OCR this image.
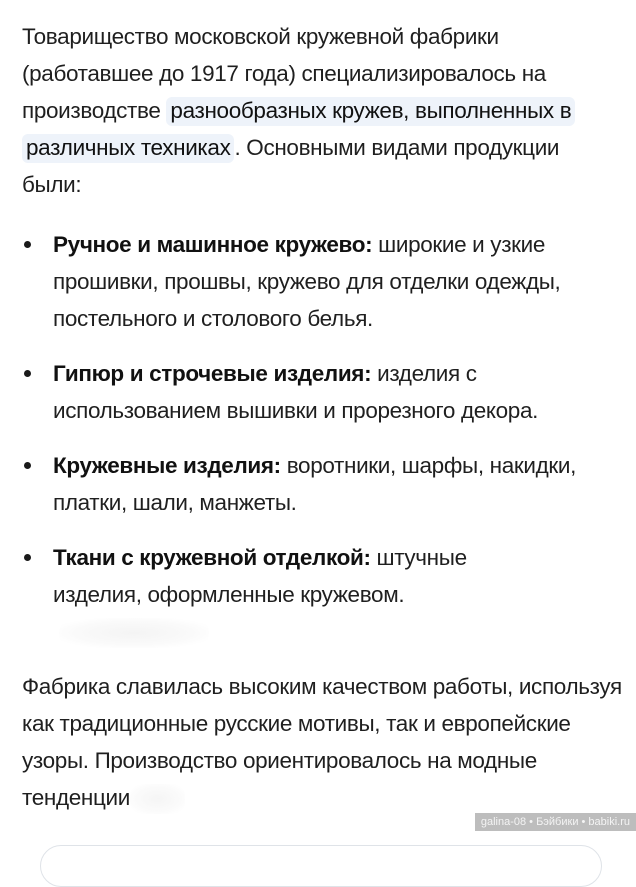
Товарищество московской кружевной фабрики (работавшее до 1917 года) специализировалось на производстве разнообразных кружев, выполненных в различных техниках . Основными видами продукции были:

Ручное и машинное кружево: широкие и узкие прошивки, прошвы, кружево для отделки одежды, постельного и столового белья.
Гипюр и строчевые изделия: изделия с использованием вышивки и прорезного декора.
Кружевные изделия: воротники, шарфы, накидки, платки, шали, манжеты.
Ткани с кружевной отделкой: штучные изделия, оформленные кружевом.

Фабрика славилась высоким качеством работы, используя как традиционные русские мотивы, так и европейские узоры. Производство ориентировалось на модные тенденции

galina-08 • Бэйбики • babiki.ru
